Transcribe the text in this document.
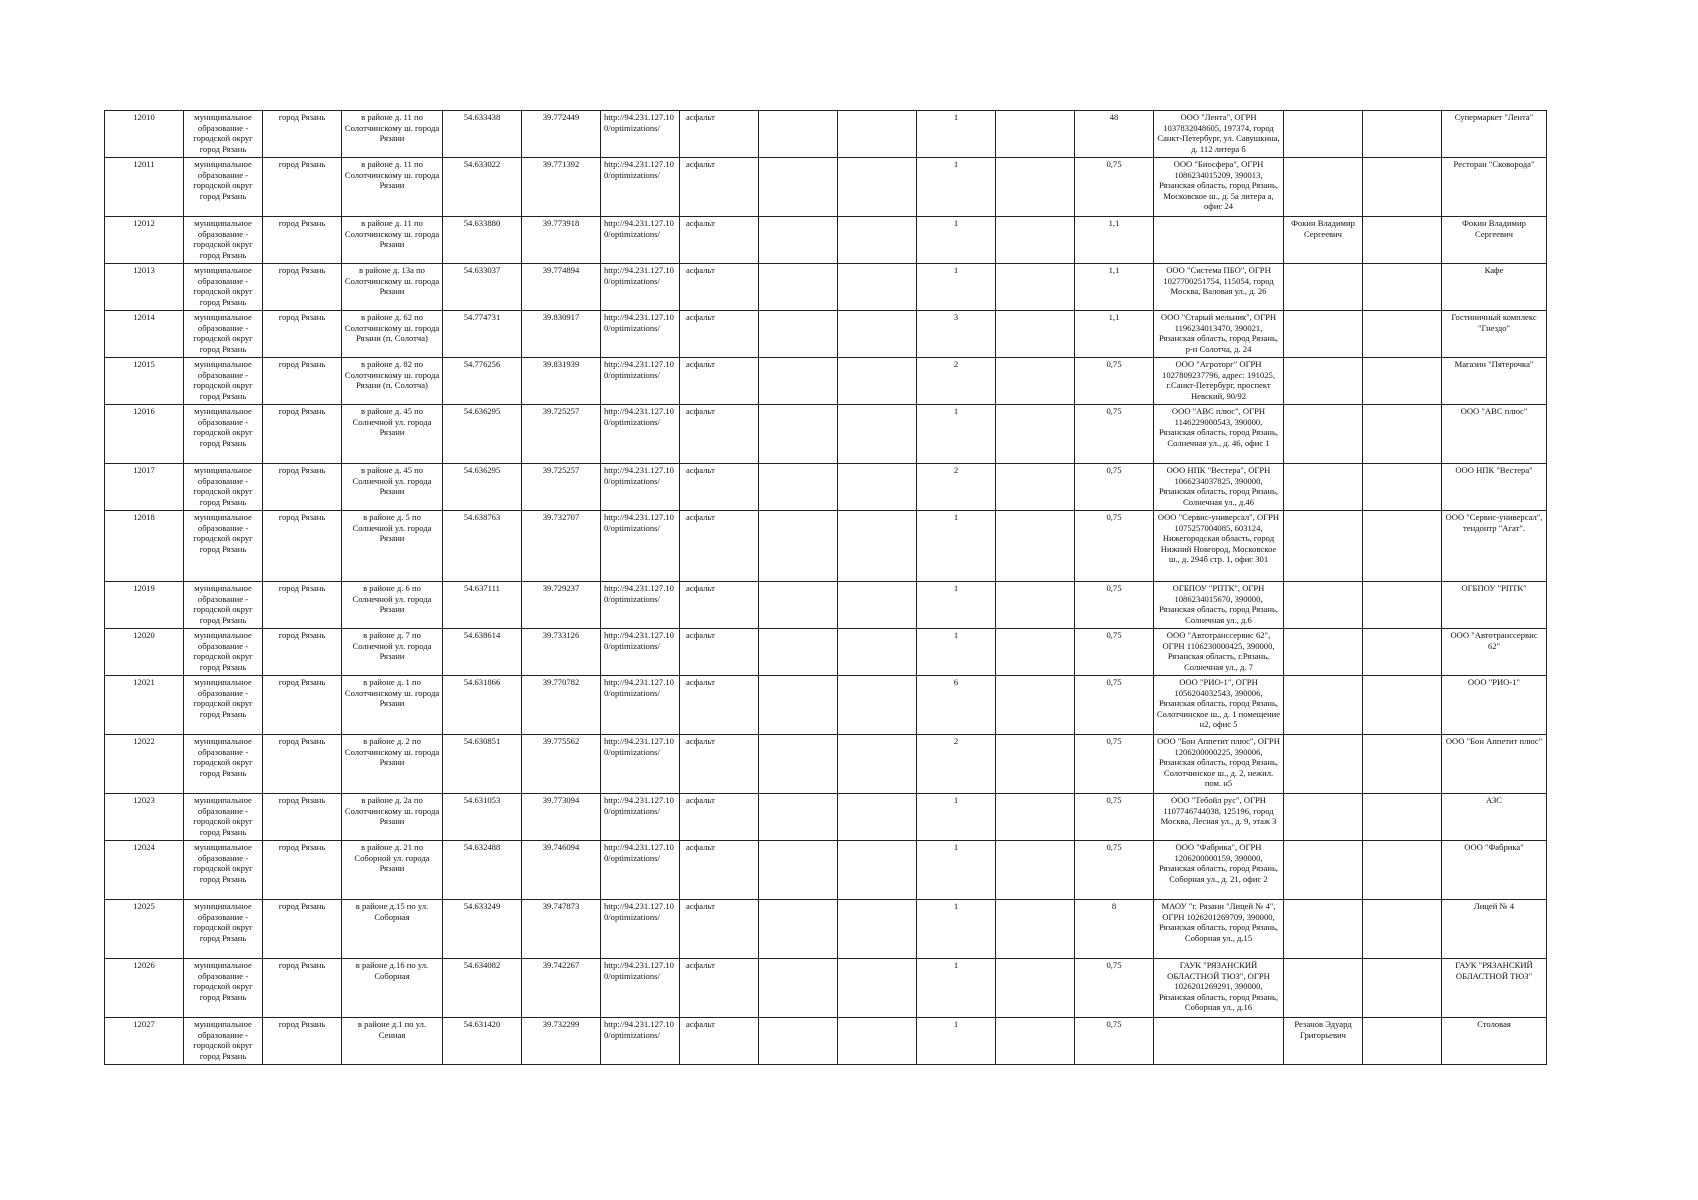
12010	муниципальное образование - городской округ город Рязань	город Рязань	в районе д. 11 по Солотчинскому ш. города Рязани	54.633438	39.772449	http://94.231.127.100/optimizations/	асфальт			1		48	ООО "Лента", ОГРН 1037832048605, 197374, город Санкт-Петербург, ул. Савушкина, д. 112 литера б			Супермаркет "Лента"
12011	муниципальное образование - городской округ город Рязань	город Рязань	в районе д. 11 по Солотчинскому ш. города Рязани	54.633022	39.771392	http://94.231.127.100/optimizations/	асфальт			1		0,75	ООО "Биосфера", ОГРН 1086234015209, 390013, Рязанская область, город Рязань, Московское ш., д. 5а литера а, офис 24			Ресторан "Сковорода"
12012	муниципальное образование - городской округ город Рязань	город Рязань	в районе д. 11 по Солотчинскому ш. города Рязани	54.633880	39.773918	http://94.231.127.100/optimizations/	асфальт			1		1,1		Фокин Владимир Сергеевич		Фокин Владимир Сергеевич
12013	муниципальное образование - городской округ город Рязань	город Рязань	в районе д. 13а по Солотчинскому ш. города Рязани	54.633037	39.774894	http://94.231.127.100/optimizations/	асфальт			1		1,1	ООО "Система ПБО", ОГРН 1027700251754, 115054, город Москва, Валовая ул., д. 26			Кафе
12014	муниципальное образование - городской округ город Рязань	город Рязань	в районе д. 62 по Солотчинскому ш. города Рязани (п. Солотча)	54.774731	39.830917	http://94.231.127.100/optimizations/	асфальт			3		1,1	ООО "Старый мельник", ОГРН 1196234013470, 390021, Рязанская область, город Рязань, р-н Солотча, д. 24			Гостиничный комплекс "Гнездо"
12015	муниципальное образование - городской округ город Рязань	город Рязань	в районе д. 82 по Солотчинскому ш. города Рязани (п. Солотча)	54.776256	39.831939	http://94.231.127.100/optimizations/	асфальт			2		0,75	ООО "Агроторг" ОГРН 1027809237796, адрес: 191025, г.Санкт-Петербург, проспект Невский, 90/92			Магазин "Пятерочка"
12016	муниципальное образование - городской округ город Рязань	город Рязань	в районе д. 45 по Солнечной ул. города Рязани	54.636295	39.725257	http://94.231.127.100/optimizations/	асфальт			1		0,75	ООО "АВС плюс", ОГРН 1146229000543, 390000, Рязанская область, город Рязань, Солнечная ул., д. 46, офис 1			ООО "АВС плюс"
12017	муниципальное образование - городской округ город Рязань	город Рязань	в районе д. 45 по Солнечной ул. города Рязани	54.636295	39.725257	http://94.231.127.100/optimizations/	асфальт			2		0,75	ООО НПК "Вестера", ОГРН 1066234037825, 390000, Рязанская область, город Рязань, Солнечная ул., д.46			ООО НПК "Вестера"
12018	муниципальное образование - городской округ город Рязань	город Рязань	в районе д. 5 по Солнечной ул. города Рязани	54.638763	39.732707	http://94.231.127.100/optimizations/	асфальт			1		0,75	ООО "Сервис-универсал", ОГРН 1075257004085, 603124, Нижегородская область, город Нижний Новгород, Московское ш., д. 294б стр. 1, офис 301			ООО "Сервис-универсал", тендонтр "Агат".
12019	муниципальное образование - городской округ город Рязань	город Рязань	в районе д. 6 по Солнечной ул. города Рязани	54.637111	39.729237	http://94.231.127.100/optimizations/	асфальт			1		0,75	ОГБПОУ "РПТК", ОГРН 1086234015670, 390000, Рязанская область, город Рязань, Солнечная ул., д.6			ОГБПОУ "РПТК"
12020	муниципальное образование - городской округ город Рязань	город Рязань	в районе д. 7 по Солнечной ул. города Рязани	54.638614	39.733126	http://94.231.127.100/optimizations/	асфальт			1		0,75	ООО "Автотранссервис 62", ОГРН 1106230000425, 390000, Рязанская область, г.Рязань, Солнечная ул., д. 7			ООО "Автотранссервис 62"
12021	муниципальное образование - городской округ город Рязань	город Рязань	в районе д. 1 по Солотчинскому ш. города Рязани	54.631866	39.770782	http://94.231.127.100/optimizations/	асфальт			6		0,75	ООО "РИО-1", ОГРН 1056204032543, 390006, Рязанская область, город Рязань, Солотчинское ш., д. 1 помещение н2, офис 5			ООО "РИО-1"
12022	муниципальное образование - городской округ город Рязань	город Рязань	в районе д. 2 по Солотчинскому ш. города Рязани	54.630851	39.775562	http://94.231.127.100/optimizations/	асфальт			2		0,75	ООО "Бон Аппетит плюс", ОГРН 1206200000225, 390006, Рязанская область, город Рязань, Солотчинское ш., д. 2, нежил. пом. н5			ООО "Бон Аппетит плюс"
12023	муниципальное образование - городской округ город Рязань	город Рязань	в районе д. 2а по Солотчинскому ш. города Рязани	54.631053	39.773094	http://94.231.127.100/optimizations/	асфальт			1		0,75	ООО "Тебойл рус", ОГРН 1107746744038, 125196, город Москва, Лесная ул., д. 9, этаж 3			АЗС
12024	муниципальное образование - городской округ город Рязань	город Рязань	в районе д. 21 по Соборной ул. города Рязани	54.632488	39.746094	http://94.231.127.100/optimizations/	асфальт			1		0,75	ООО "Фабрика", ОГРН 1206200000159, 390000, Рязанская область, город Рязань, Соборная ул., д. 21, офис 2			ООО "Фабрика"
12025	муниципальное образование - городской округ город Рязань	город Рязань	в районе д.15 по ул. Соборная	54.633249	39.747873	http://94.231.127.100/optimizations/	асфальт			1		8	МАОУ "г. Рязани "Лицей № 4", ОГРН 1026201269709, 390000, Рязанская область, город Рязань, Соборная ул., д.15			Лицей № 4
12026	муниципальное образование - городской округ город Рязань	город Рязань	в районе д.16 по ул. Соборная	54.634082	39.742267	http://94.231.127.100/optimizations/	асфальт			1		0,75	ГАУК "РЯЗАНСКИЙ ОБЛАСТНОЙ ТЮЗ", ОГРН 1026201269291, 390000, Рязанская область, город Рязань, Соборная ул., д.16			ГАУК "РЯЗАНСКИЙ ОБЛАСТНОЙ ТЮЗ"
12027	муниципальное образование - городской округ город Рязань	город Рязань	в районе д.1 по ул. Сенная	54.631420	39.732299	http://94.231.127.100/optimizations/	асфальт			1		0,75		Резанов Эдуард Григорьевич		Столовая
